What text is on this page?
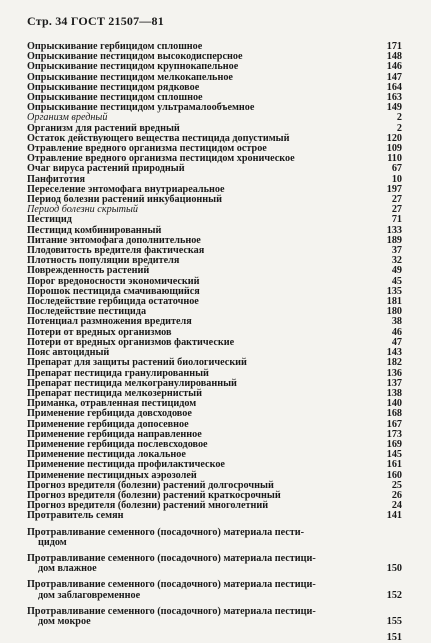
Стр. 34 ГОСТ 21507—81
Опрыскивание гербицидом сплошное	171
Опрыскивание пестицидом высокодисперсное	148
Опрыскивание пестицидом крупнокапельное	146
Опрыскивание пестицидом мелкокапельное	147
Опрыскивание пестицидом рядковое	164
Опрыскивание пестицидом сплошное	163
Опрыскивание пестицидом ультрамалообъемное	149
Организм вредный	2
Организм для растений вредный	2
Остаток действующего вещества пестицида допустимый	120
Отравление вредного организма пестицидом острое	109
Отравление вредного организма пестицидом хроническое	110
Очаг вируса растений природный	67
Панфитотия	10
Переселение энтомофага внутриареальное	197
Период болезни растений инкубационный	27
Период болезни скрытый	27
Пестицид	71
Пестицид комбинированный	133
Питание энтомофага дополнительное	189
Плодовитость вредителя фактическая	37
Плотность популяции вредителя	32
Поврежденность растений	49
Порог вредоносности экономический	45
Порошок пестицида смачивающийся	135
Последействие гербицида остаточное	181
Последействие пестицида	180
Потенциал размножения вредителя	38
Потери от вредных организмов	46
Потери от вредных организмов фактические	47
Пояс автоцидный	143
Препарат для защиты растений биологический	182
Препарат пестицида гранулированный	136
Препарат пестицида мелкогранулированный	137
Препарат пестицида мелкозернистый	138
Приманка, отравленная пестицидом	140
Применение гербицида довсходовое	168
Применение гербицида допосевное	167
Применение гербицида направленное	173
Применение гербицида послевсходовое	169
Применение пестицида локальное	145
Применение пестицида профилактическое	161
Применение пестицидных аэрозолей	160
Прогноз вредителя (болезни) растений долгосрочный	25
Прогноз вредителя (болезни) растений краткосрочный	26
Прогноз вредителя (болезни) растений многолетний	24
Протравитель семян	141
Протравливание семенного (посадочного) материала пести-
цидом
Протравливание семенного (посадочного) материала пестици-
дом влажное	150
Протравливание семенного (посадочного) материала пестици-
дом заблаговременное	152
Протравливание семенного (посадочного) материала пестици-
дом мокрое	155
151
